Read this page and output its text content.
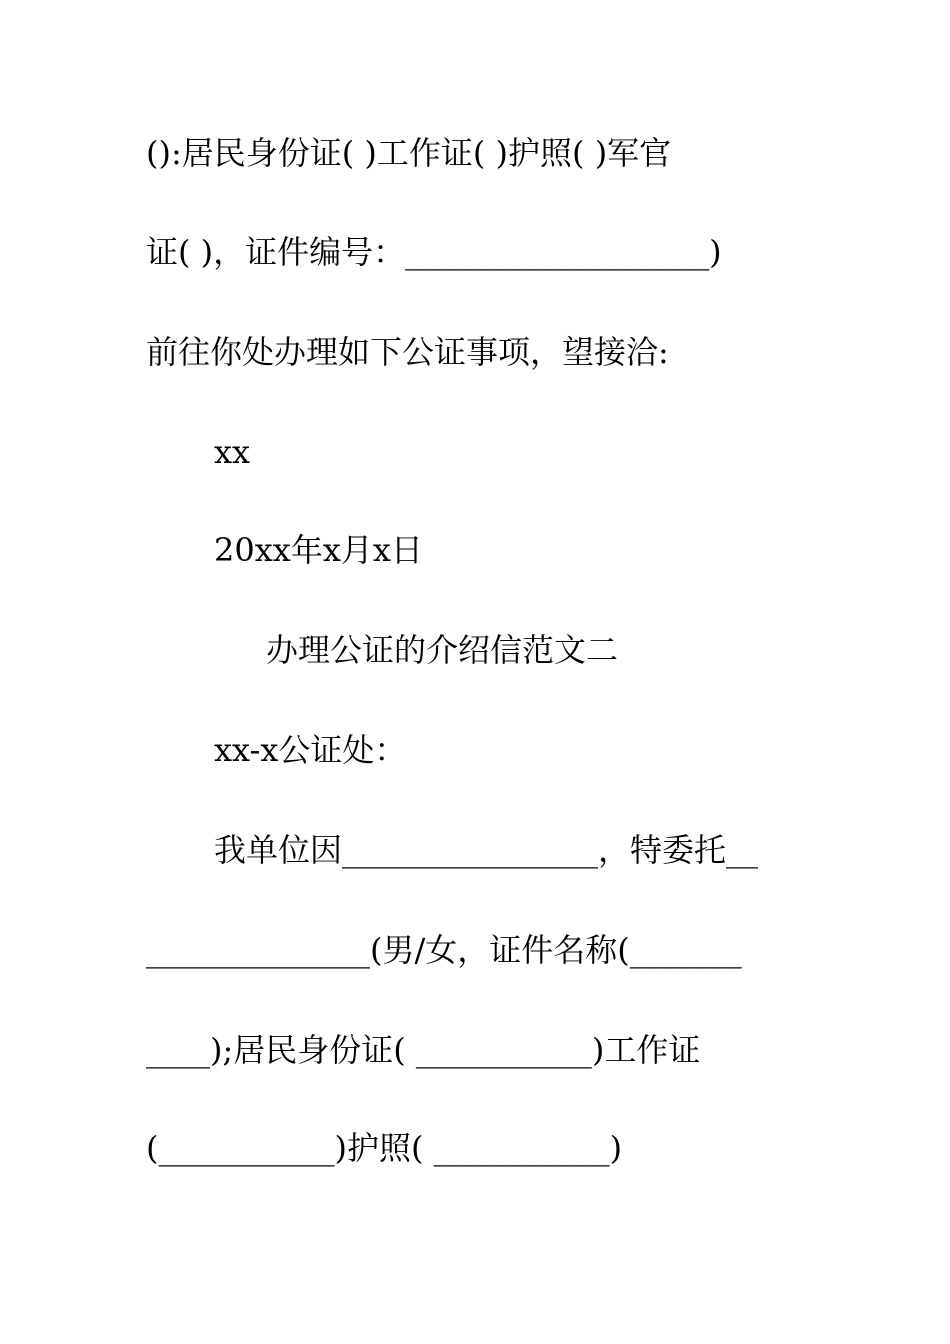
():居民身份证( )工作证( )护照( )军官
证( )，证件编号：___________________)
前往你处办理如下公证事项，望接洽:
xx
20xx年x月x日
办理公证的介绍信范文二
xx-x公证处：
我单位因________________，特委托__
______________(男/女，证件名称(_______
____);居民身份证( ___________)工作证
(___________)护照( ___________)
